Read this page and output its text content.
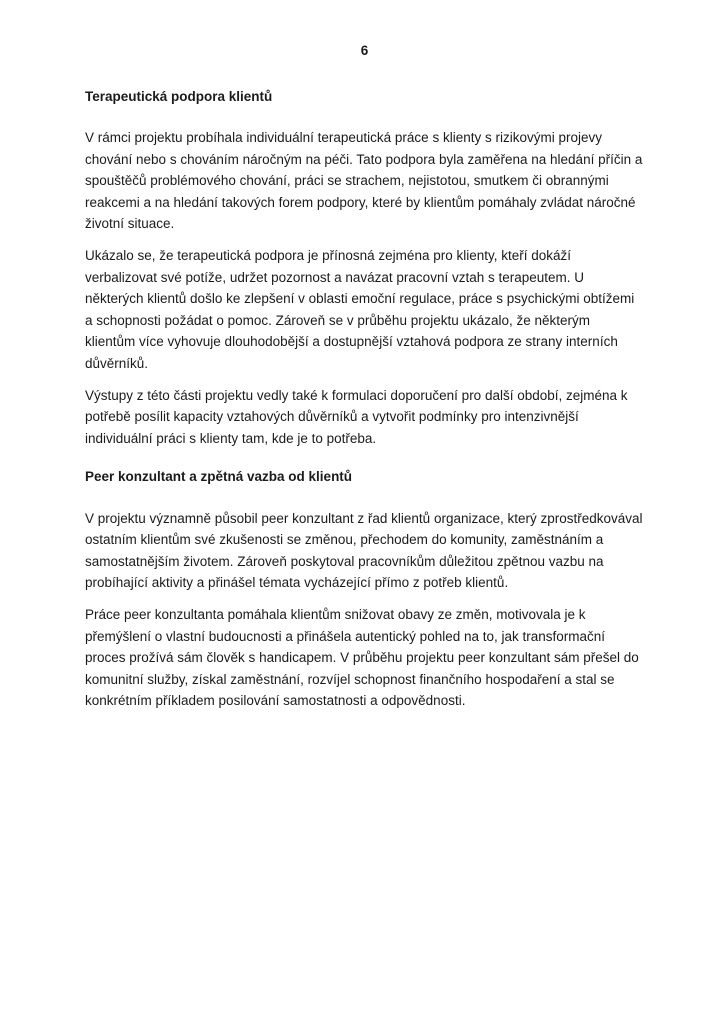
6
Terapeutická podpora klientů

V rámci projektu probíhala individuální terapeutická práce s klienty s rizikovými projevy chování nebo s chováním náročným na péči. Tato podpora byla zaměřena na hledání příčin a spouštěčů problémového chování, práci se strachem, nejistotou, smutkem či obrannými reakcemi a na hledání takových forem podpory, které by klientům pomáhaly zvládat náročné životní situace.

Ukázalo se, že terapeutická podpora je přínosná zejména pro klienty, kteří dokáží verbalizovat své potíže, udržet pozornost a navázat pracovní vztah s terapeutem. U některých klientů došlo ke zlepšení v oblasti emoční regulace, práce s psychickými obtížemi a schopnosti požádat o pomoc. Zároveň se v průběhu projektu ukázalo, že některým klientům více vyhovuje dlouhodobější a dostupnější vztahová podpora ze strany interních důvěrníků.

Výstupy z této části projektu vedly také k formulaci doporučení pro další období, zejména k potřebě posílit kapacity vztahových důvěrníků a vytvořit podmínky pro intenzivnější individuální práci s klienty tam, kde je to potřeba.

Peer konzultant a zpětná vazba od klientů

V projektu významně působil peer konzultant z řad klientů organizace, který zprostředkovával ostatním klientům své zkušenosti se změnou, přechodem do komunity, zaměstnáním a samostatnějším životem. Zároveň poskytoval pracovníkům důležitou zpětnou vazbu na probíhající aktivity a přinášel témata vycházející přímo z potřeb klientů.

Práce peer konzultanta pomáhala klientům snižovat obavy ze změn, motivovala je k přemýšlení o vlastní budoucnosti a přinášela autentický pohled na to, jak transformační proces prožívá sám člověk s handicapem. V průběhu projektu peer konzultant sám přešel do komunitní služby, získal zaměstnání, rozvíjel schopnost finančního hospodaření a stal se konkrétním příkladem posilování samostatnosti a odpovědnosti.
